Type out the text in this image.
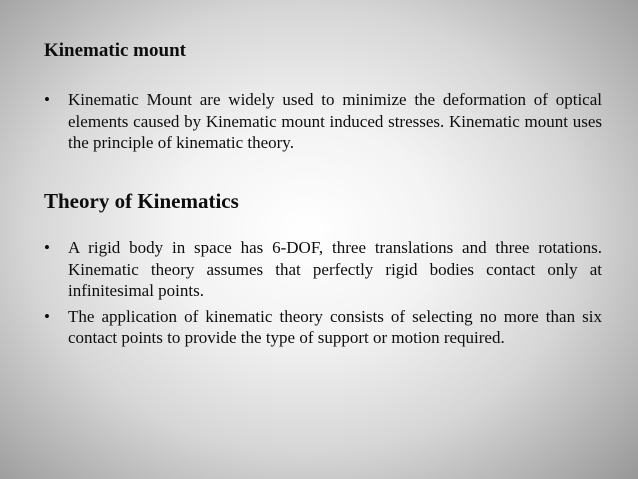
Kinematic mount
• Kinematic Mount are widely used to minimize the deformation of optical elements caused by Kinematic mount induced stresses. Kinematic mount uses the principle of kinematic theory.
Theory of Kinematics
• A rigid body in space has 6-DOF, three translations and three rotations. Kinematic theory assumes that perfectly rigid bodies contact only at infinitesimal points.
• The application of kinematic theory consists of selecting no more than six contact points to provide the type of support or motion required.
